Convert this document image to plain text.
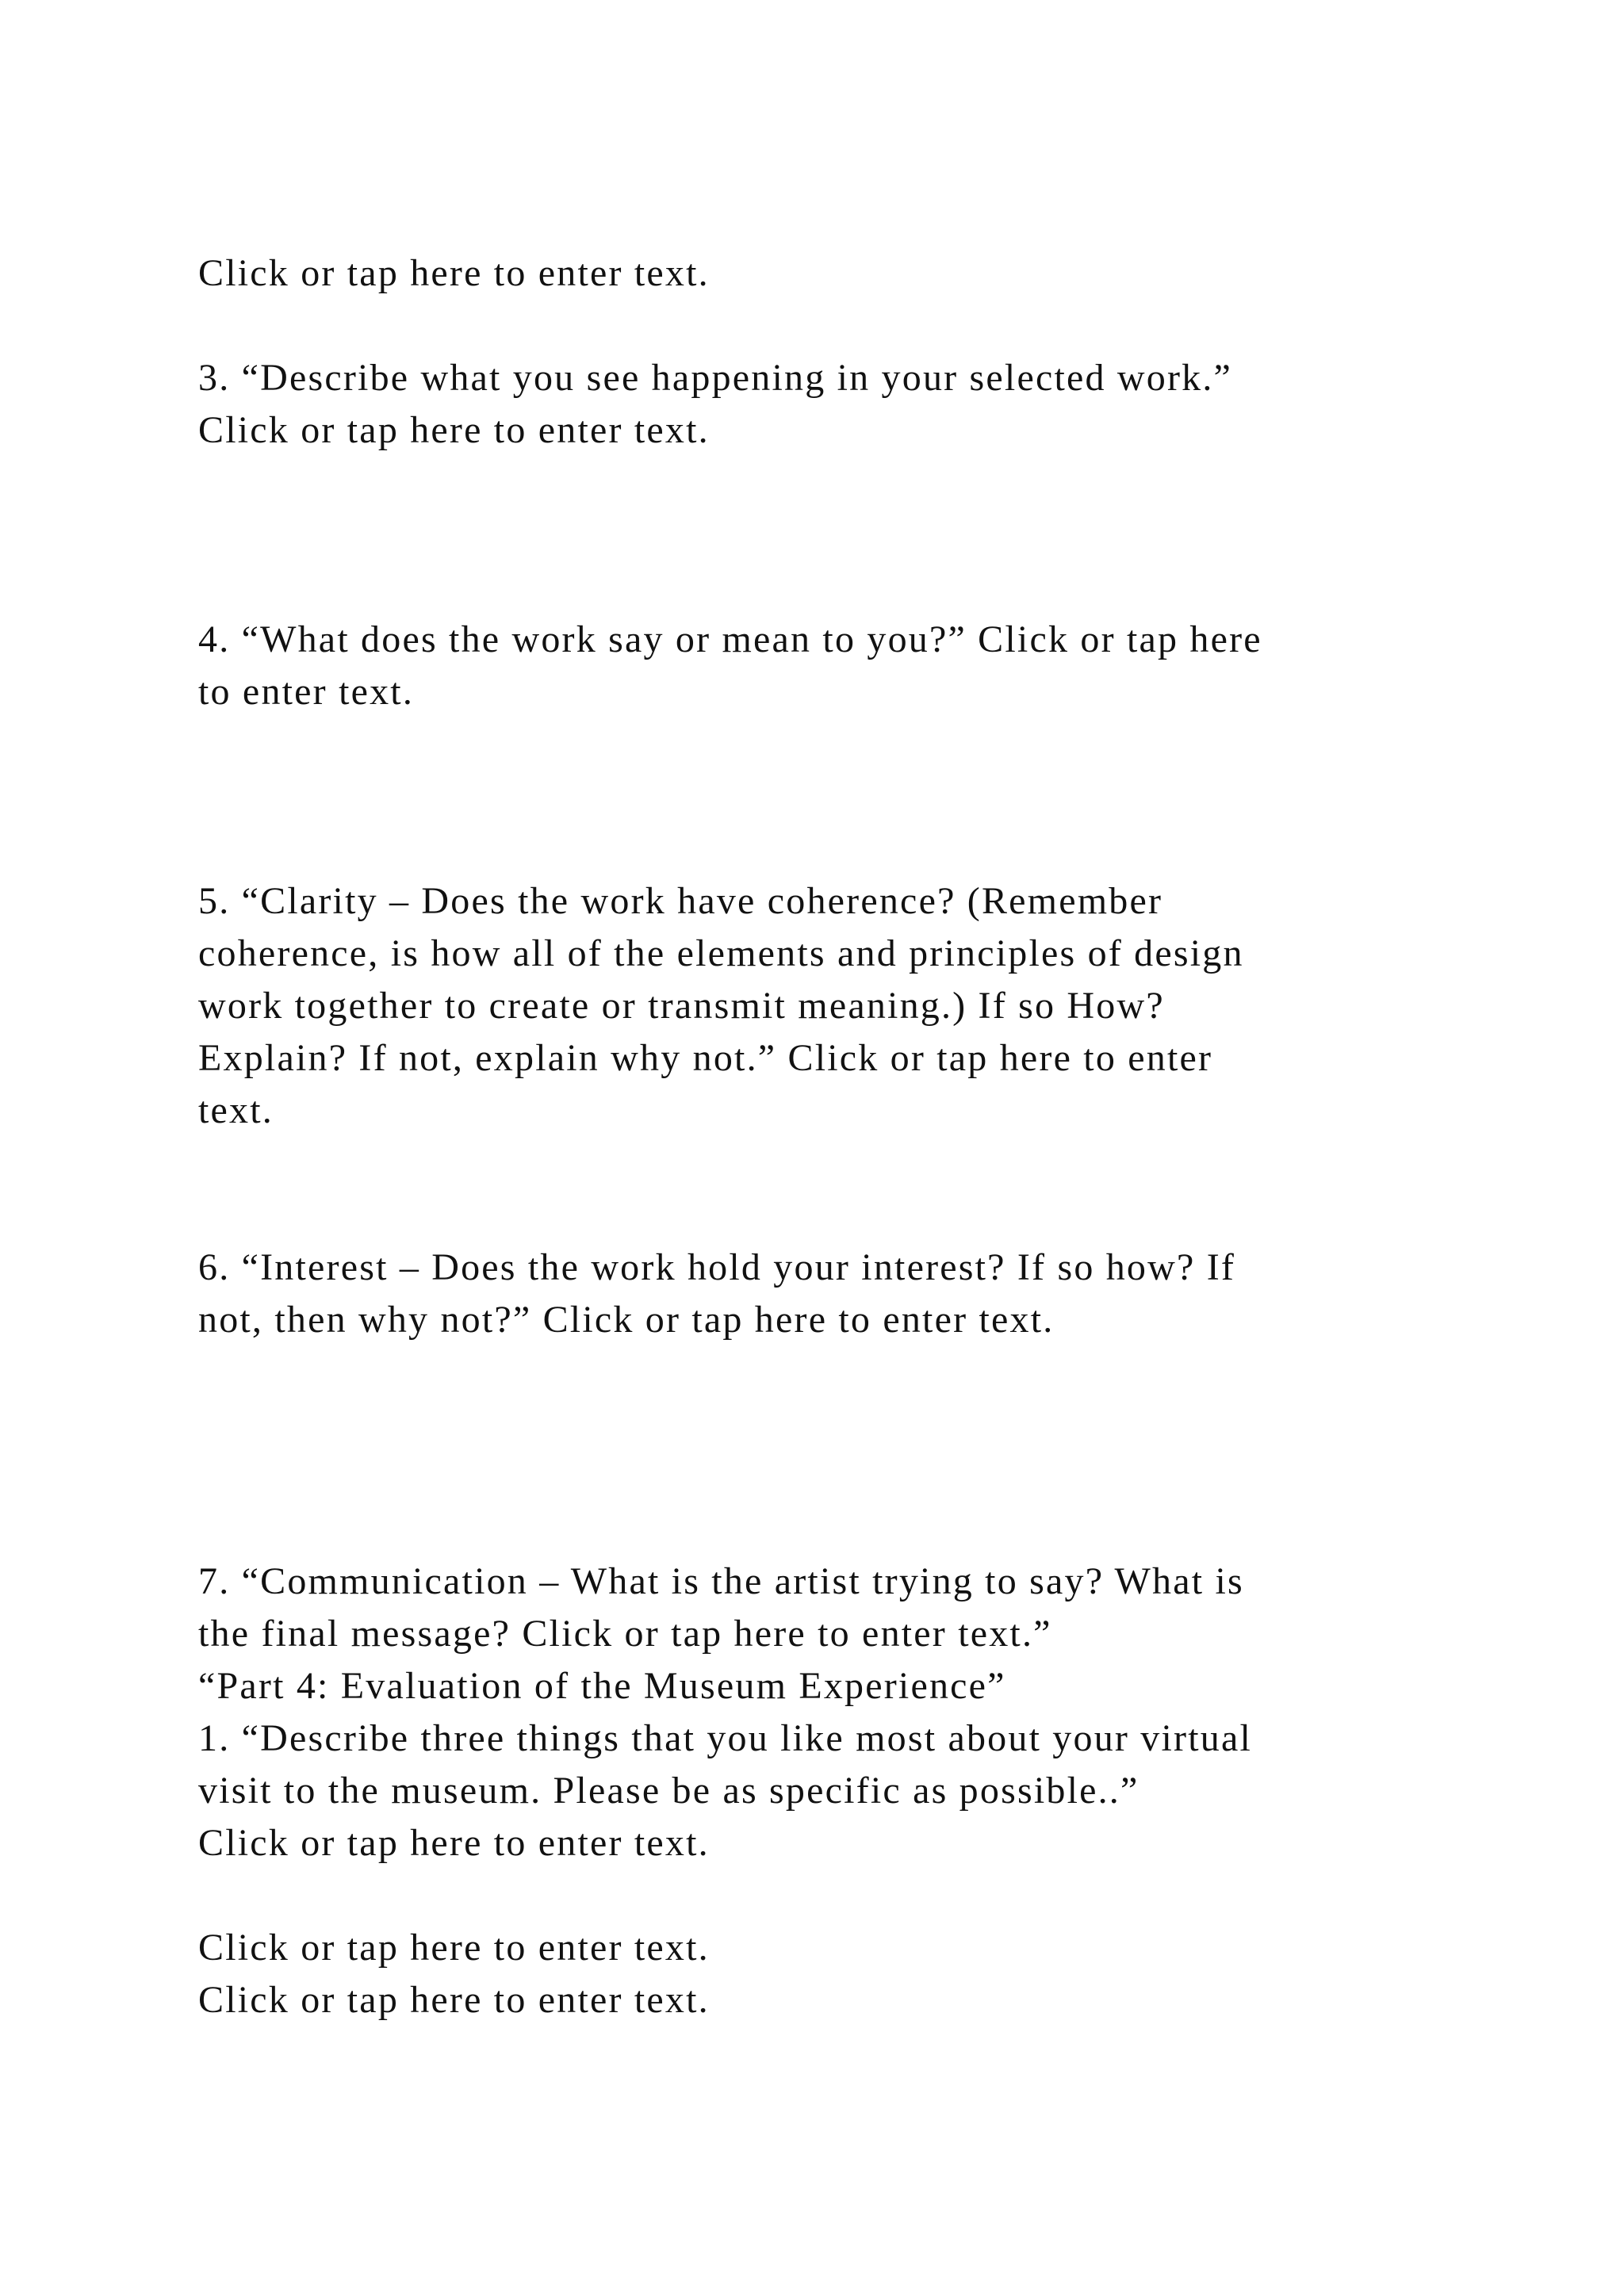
Click or tap here to enter text.

3. “Describe what you see happening in your selected work.”

Click or tap here to enter text.

4. “What does the work say or mean to you?” Click or tap here

to enter text.

5. “Clarity – Does the work have coherence? (Remember

coherence, is how all of the elements and principles of design

work together to create or transmit meaning.) If so How?

Explain? If not, explain why not.” Click or tap here to enter

text.

6. “Interest – Does the work hold your interest? If so how? If

not, then why not?” Click or tap here to enter text.

7. “Communication – What is the artist trying to say? What is

the final message? Click or tap here to enter text.”

“Part 4: Evaluation of the Museum Experience”

1. “Describe three things that you like most about your virtual

visit to the museum. Please be as specific as possible..”

Click or tap here to enter text.

Click or tap here to enter text.

Click or tap here to enter text.
